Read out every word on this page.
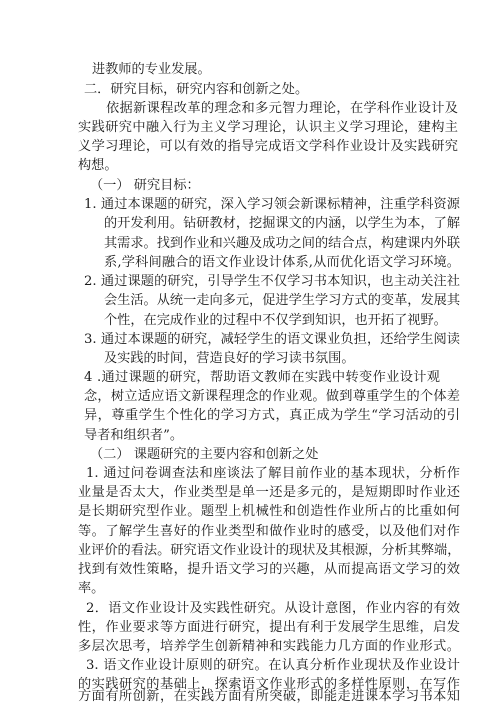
进教师的专业发展。
二．研究目标，研究内容和创新之处。
依据新课程改革的理念和多元智力理论，在学科作业设计及
实践研究中融入行为主义学习理论，认识主义学习理论，建构主
义学习理论，可以有效的指导完成语文学科作业设计及实践研究
构想。
（一） 研究目标：
1. 通过本课题的研究，深入学习领会新课标精神，注重学科资源
的开发利用。钻研教材，挖掘课文的内涵，以学生为本，了解
其需求。找到作业和兴趣及成功之间的结合点，构建课内外联
系,学科间融合的语文作业设计体系,从而优化语文学习环境。
2. 通过课题的研究，引导学生不仅学习书本知识，也主动关注社
会生活。从统一走向多元，促进学生学习方式的变革，发展其
个性，在完成作业的过程中不仅学到知识，也开拓了视野。
3. 通过本课题的研究，减轻学生的语文课业负担，还给学生阅读
及实践的时间，营造良好的学习读书氛围。
4 .通过课题的研究，帮助语文教师在实践中转变作业设计观
念，树立适应语文新课程理念的作业观。做到尊重学生的个体差
异，尊重学生个性化的学习方式，真正成为学生“学习活动的引
导者和组织者”。
（二） 课题研究的主要内容和创新之处
1. 通过问卷调查法和座谈法了解目前作业的基本现状，分析作
业量是否太大，作业类型是单一还是多元的，是短期即时作业还
是长期研究型作业。题型上机械性和创造性作业所占的比重如何
等。了解学生喜好的作业类型和做作业时的感受，以及他们对作
业评价的看法。研究语文作业设计的现状及其根源，分析其弊端，
找到有效性策略，提升语文学习的兴趣，从而提高语文学习的效
率。
2．语文作业设计及实践性研究。从设计意图，作业内容的有效
性，作业要求等方面进行研究，提出有利于发展学生思维，启发
多层次思考，培养学生创新精神和实践能力几方面的作业形式。
3. 语文作业设计原则的研究。在认真分析作业现状及作业设计
的实践研究的基础上，探索语文作业形式的多样性原则，在写作
方面有所创新，在实践方面有所突破，即能走进课本学习书本知
